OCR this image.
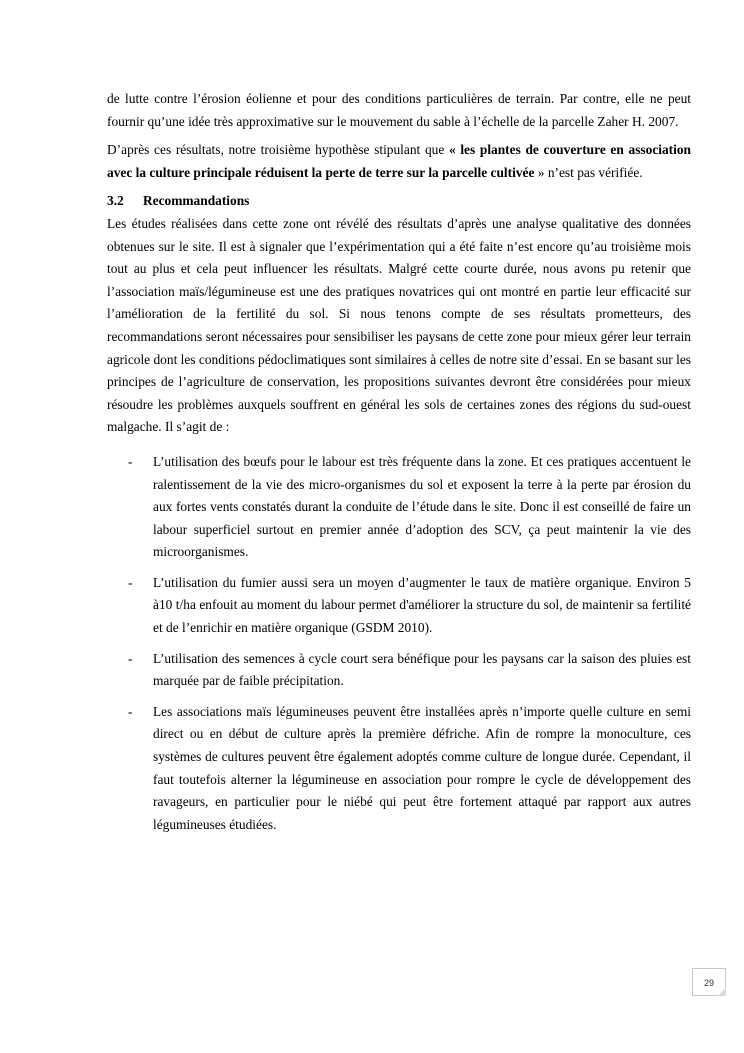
de lutte contre l’érosion éolienne et pour des conditions particulières de terrain. Par contre, elle ne peut fournir qu’une idée très approximative sur le mouvement du sable à l’échelle de la parcelle Zaher H. 2007.

D’après ces résultats, notre troisième hypothèse stipulant que « les plantes de couverture en association avec la culture principale réduisent la perte de terre sur la parcelle cultivée » n’est pas vérifiée.

3.2 Recommandations

Les études réalisées dans cette zone ont révélé des résultats d’après une analyse qualitative des données obtenues sur le site. Il est à signaler que l’expérimentation qui a été faite n’est encore qu’au troisième mois tout au plus et cela peut influencer les résultats. Malgré cette courte durée, nous avons pu retenir que l’association maïs/légumineuse est une des pratiques novatrices qui ont montré en partie leur efficacité sur l’amélioration de la fertilité du sol. Si nous tenons compte de ses résultats prometteurs, des recommandations seront nécessaires pour sensibiliser les paysans de cette zone pour mieux gérer leur terrain agricole dont les conditions pédoclimatiques sont similaires à celles de notre site d’essai. En se basant sur les principes de l’agriculture de conservation, les propositions suivantes devront être considérées pour mieux résoudre les problèmes auxquels souffrent en général les sols de certaines zones des régions du sud-ouest malgache. Il s’agit de :

- L’utilisation des bœufs pour le labour est très fréquente dans la zone. Et ces pratiques accentuent le ralentissement de la vie des micro-organismes du sol et exposent la terre à la perte par érosion du aux fortes vents constatés durant la conduite de l’étude dans le site. Donc il est conseillé de faire un labour superficiel surtout en premier année d’adoption des SCV, ça peut maintenir la vie des microorganismes.
- L’utilisation du fumier aussi sera un moyen d’augmenter le taux de matière organique. Environ 5 à10 t/ha enfouit au moment du labour permet d'améliorer la structure du sol, de maintenir sa fertilité et de l’enrichir en matière organique (GSDM 2010).
- L’utilisation des semences à cycle court sera bénéfique pour les paysans car la saison des pluies est marquée par de faible précipitation.
- Les associations maïs légumineuses peuvent être installées après n’importe quelle culture en semi direct ou en début de culture après la première défriche. Afin de rompre la monoculture, ces systèmes de cultures peuvent être également adoptés comme culture de longue durée. Cependant, il faut toutefois alterner la légumineuse en association pour rompre le cycle de développement des ravageurs, en particulier pour le niébé qui peut être fortement attaqué par rapport aux autres légumineuses étudiées.
29
